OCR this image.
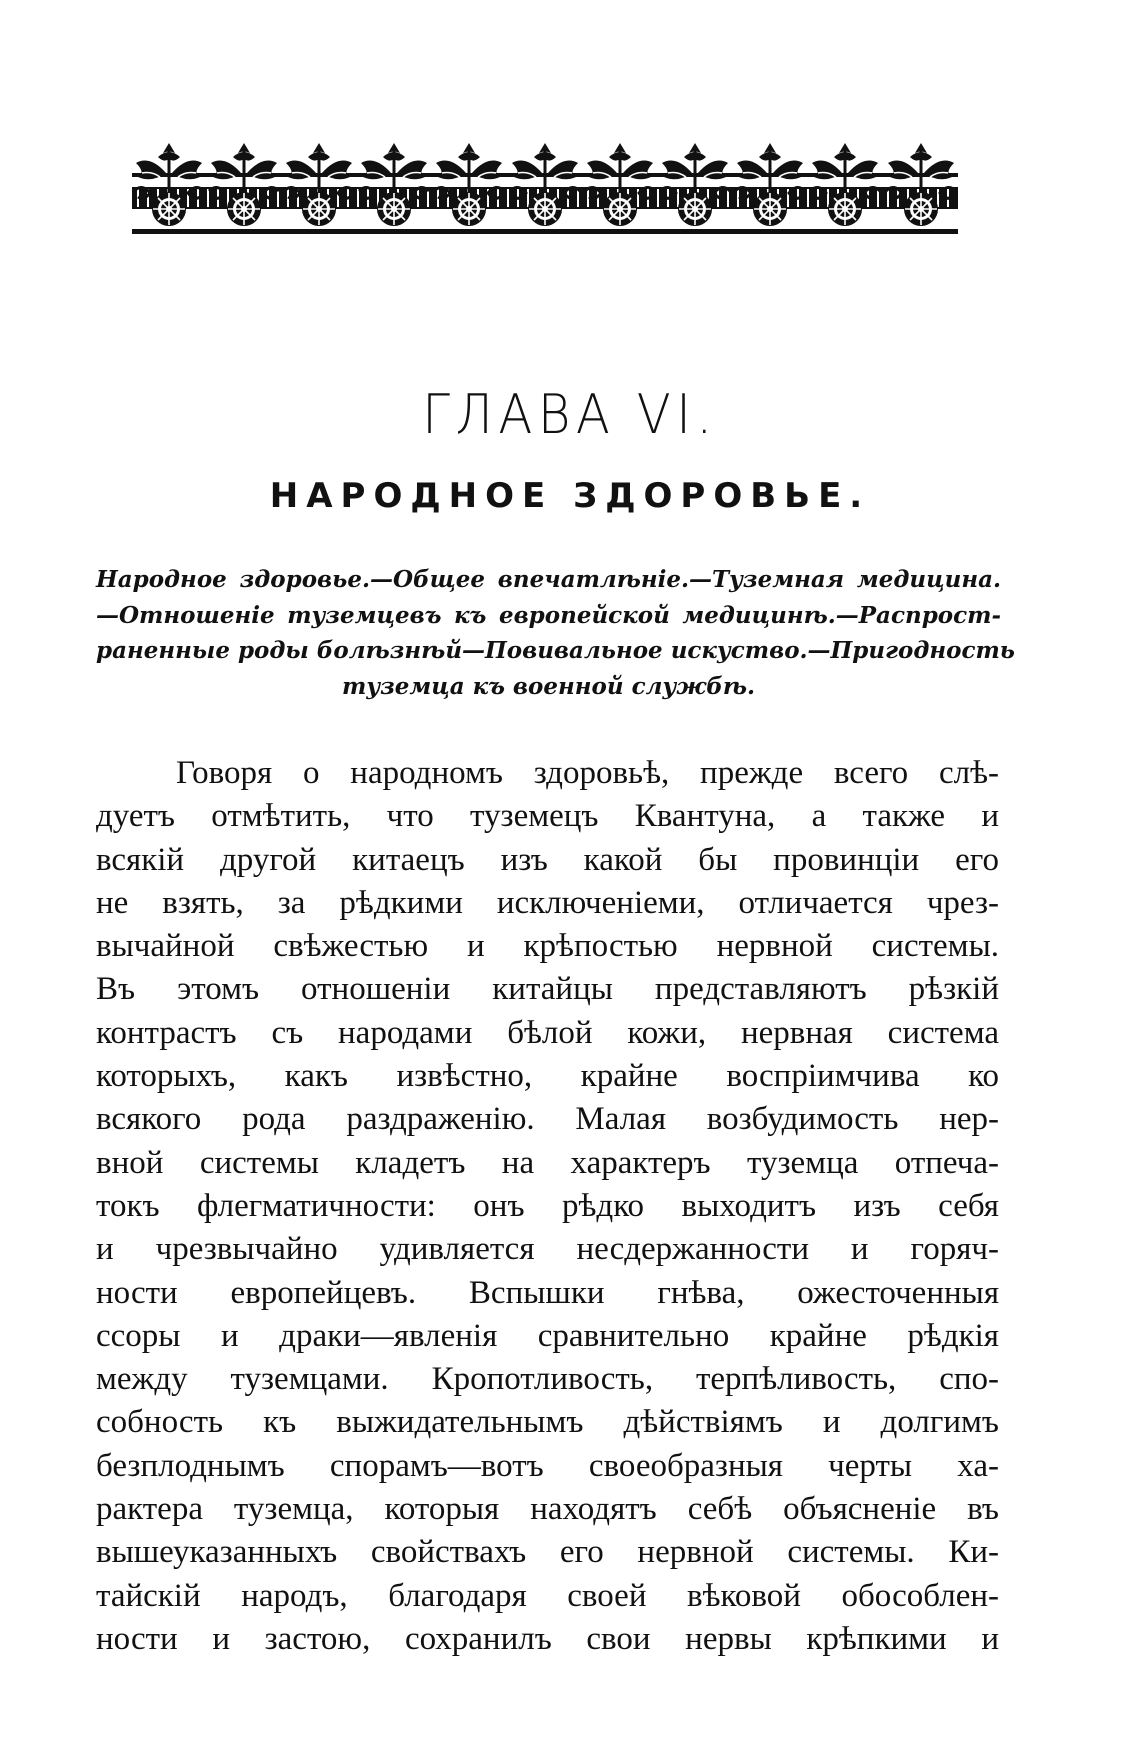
ГЛАВА VI.
НАРОДНОЕ ЗДОРОВЬЕ.
Народное здоровье.—Общее впечатлѣніе.—Туземная медицина.
—Отношеніе туземцевъ къ европейской медицинѣ.—Распрост-
раненные роды болѣзнѣй—Повивальное искуство.—Пригодность
туземца къ военной службѣ.
Говоря о народномъ здоровьѣ, прежде всего слѣ-
дуетъ отмѣтить, что туземецъ Квантуна, а также и
всякій другой китаецъ изъ какой бы провинціи его
не взять, за рѣдкими исключеніеми, отличается чрез-
вычайной свѣжестью и крѣпостью нервной системы.
Въ этомъ отношеніи китайцы представляютъ рѣзкій
контрастъ съ народами бѣлой кожи, нервная система
которыхъ, какъ извѣстно, крайне воспріимчива ко
всякого рода раздраженію. Малая возбудимость нер-
вной системы кладетъ на характеръ туземца отпеча-
токъ флегматичности: онъ рѣдко выходитъ изъ себя
и чрезвычайно удивляется несдержанности и горяч-
ности европейцевъ. Вспышки гнѣва, ожесточенныя
ссоры и драки—явленія сравнительно крайне рѣдкія
между туземцами. Кропотливость, терпѣливость, спо-
собность къ выжидательнымъ дѣйствіямъ и долгимъ
безплоднымъ спорамъ—вотъ своеобразныя черты ха-
рактера туземца, которыя находятъ себѣ объясненіе въ
вышеуказанныхъ свойствахъ его нервной системы. Ки-
тайскій народъ, благодаря своей вѣковой обособлен-
ности и застою, сохранилъ свои нервы крѣпкими и
